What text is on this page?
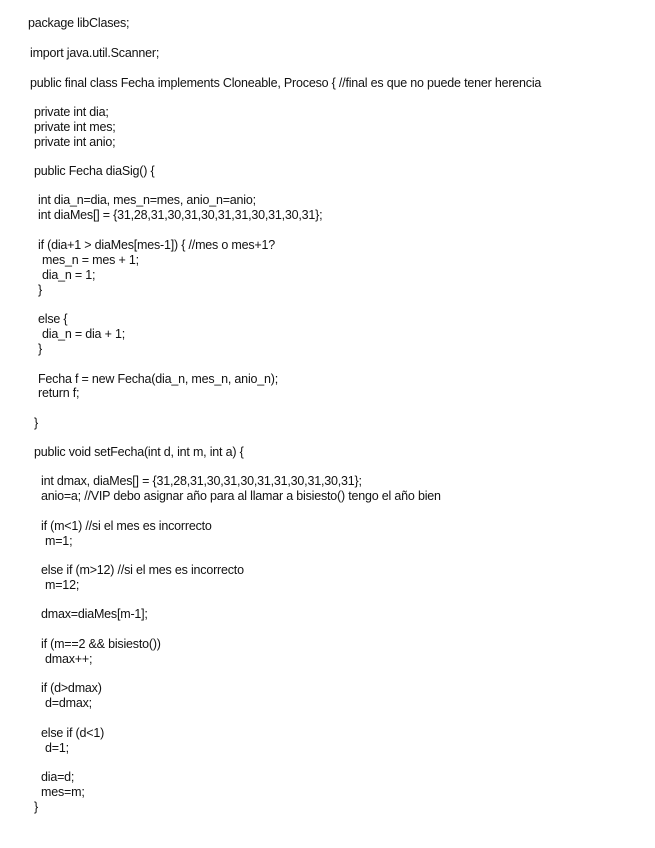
package libClases;
import java.util.Scanner;
public final class Fecha implements Cloneable, Proceso { //final es que no puede tener herencia
private int dia;
private int mes;
private int anio;
public Fecha diaSig() {
int dia_n=dia, mes_n=mes, anio_n=anio;
int diaMes[] = {31,28,31,30,31,30,31,31,30,31,30,31};
if (dia+1 > diaMes[mes-1]) { //mes o mes+1?
mes_n = mes + 1;
dia_n = 1;
}
else {
dia_n = dia + 1;
}
Fecha f = new Fecha(dia_n, mes_n, anio_n);
return f;
}
public void setFecha(int d, int m, int a) {
int dmax, diaMes[] = {31,28,31,30,31,30,31,31,30,31,30,31};
anio=a; //VIP debo asignar año para al llamar a bisiesto() tengo el año bien
if (m<1) //si el mes es incorrecto
m=1;
else if (m>12) //si el mes es incorrecto
m=12;
dmax=diaMes[m-1];
if (m==2 && bisiesto())
dmax++;
if (d>dmax)
d=dmax;
else if (d<1)
d=1;
dia=d;
mes=m;
}
